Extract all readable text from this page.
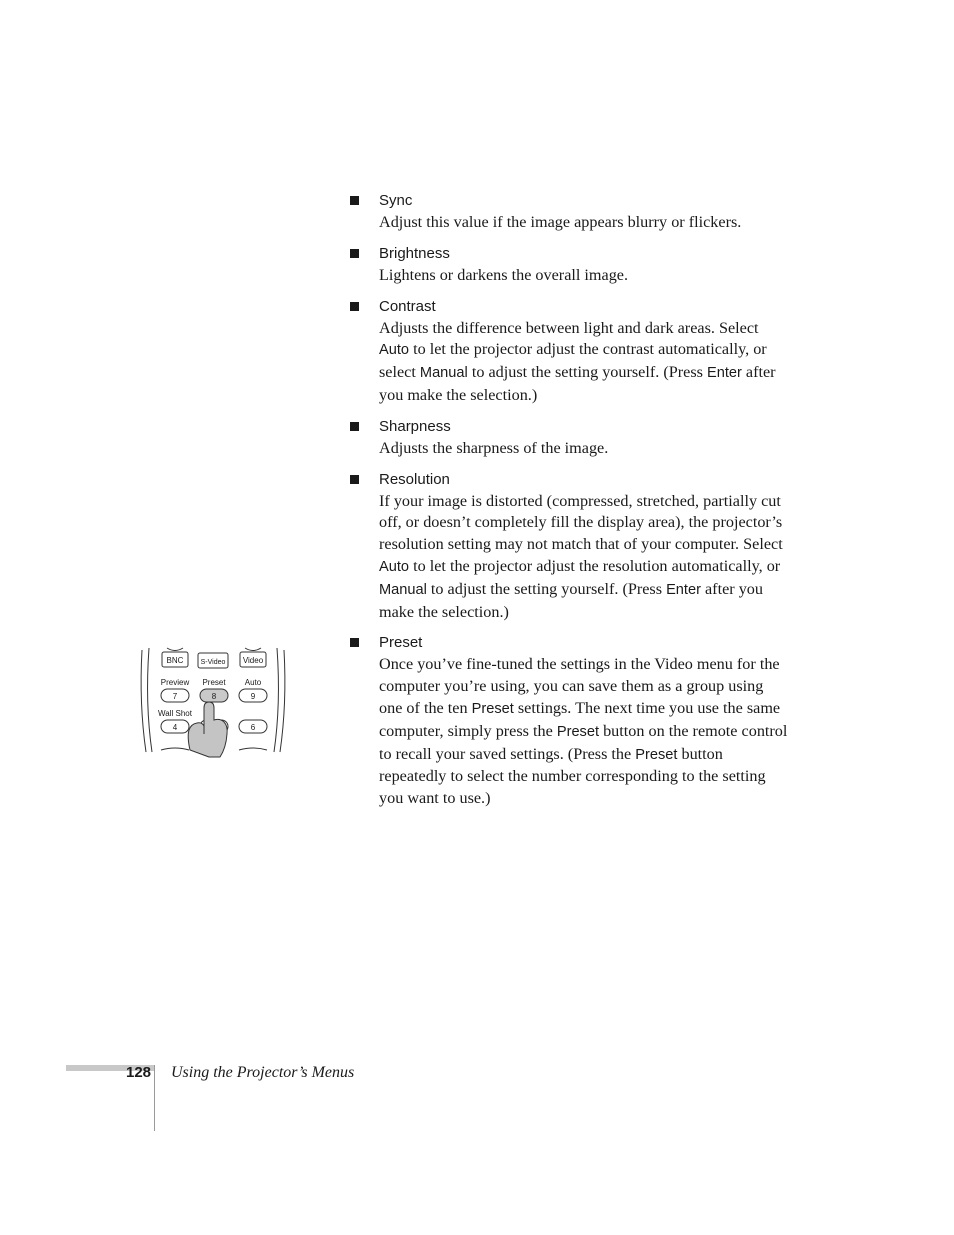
Sync
Adjust this value if the image appears blurry or flickers.
Brightness
Lightens or darkens the overall image.
Contrast
Adjusts the difference between light and dark areas. Select Auto to let the projector adjust the contrast automatically, or select Manual to adjust the setting yourself. (Press Enter after you make the selection.)
Sharpness
Adjusts the sharpness of the image.
Resolution
If your image is distorted (compressed, stretched, partially cut off, or doesn’t completely fill the display area), the projector’s resolution setting may not match that of your computer. Select Auto to let the projector adjust the resolution automatically, or Manual to adjust the setting yourself. (Press Enter after you make the selection.)
Preset
Once you’ve fine-tuned the settings in the Video menu for the computer you’re using, you can save them as a group using one of the ten Preset settings. The next time you use the same computer, simply press the Preset button on the remote control to recall your saved settings. (Press the Preset button repeatedly to select the number corresponding to the setting you want to use.)
BNC S-Video Video
Preview Preset Auto
Wall Shot
7	8	9
4	6
128 Using the Projector’s Menus
